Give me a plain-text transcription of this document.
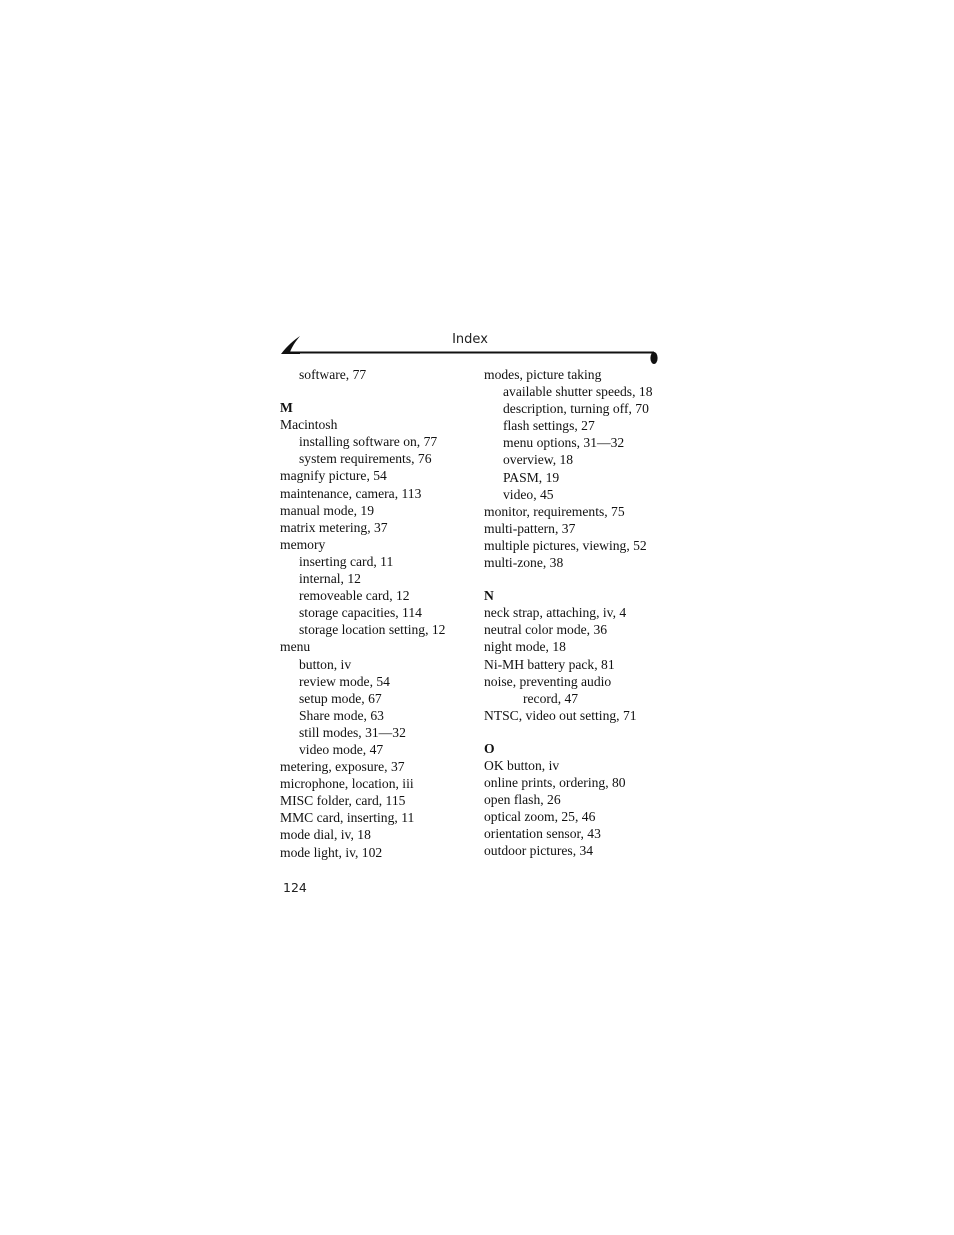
Index
software, 77
M
Macintosh
installing software on, 77
system requirements, 76
magnify picture, 54
maintenance, camera, 113
manual mode, 19
matrix metering, 37
memory
inserting card, 11
internal, 12
removeable card, 12
storage capacities, 114
storage location setting, 12
menu
button, iv
review mode, 54
setup mode, 67
Share mode, 63
still modes, 31—32
video mode, 47
metering, exposure, 37
microphone, location, iii
MISC folder, card, 115
MMC card, inserting, 11
mode dial, iv, 18
mode light, iv, 102
modes, picture taking
available shutter speeds, 18
description, turning off, 70
flash settings, 27
menu options, 31—32
overview, 18
PASM, 19
video, 45
monitor, requirements, 75
multi-pattern, 37
multiple pictures, viewing, 52
multi-zone, 38
N
neck strap, attaching, iv, 4
neutral color mode, 36
night mode, 18
Ni-MH battery pack, 81
noise, preventing audio
record, 47
NTSC, video out setting, 71
O
OK button, iv
online prints, ordering, 80
open flash, 26
optical zoom, 25, 46
orientation sensor, 43
outdoor pictures, 34
124
